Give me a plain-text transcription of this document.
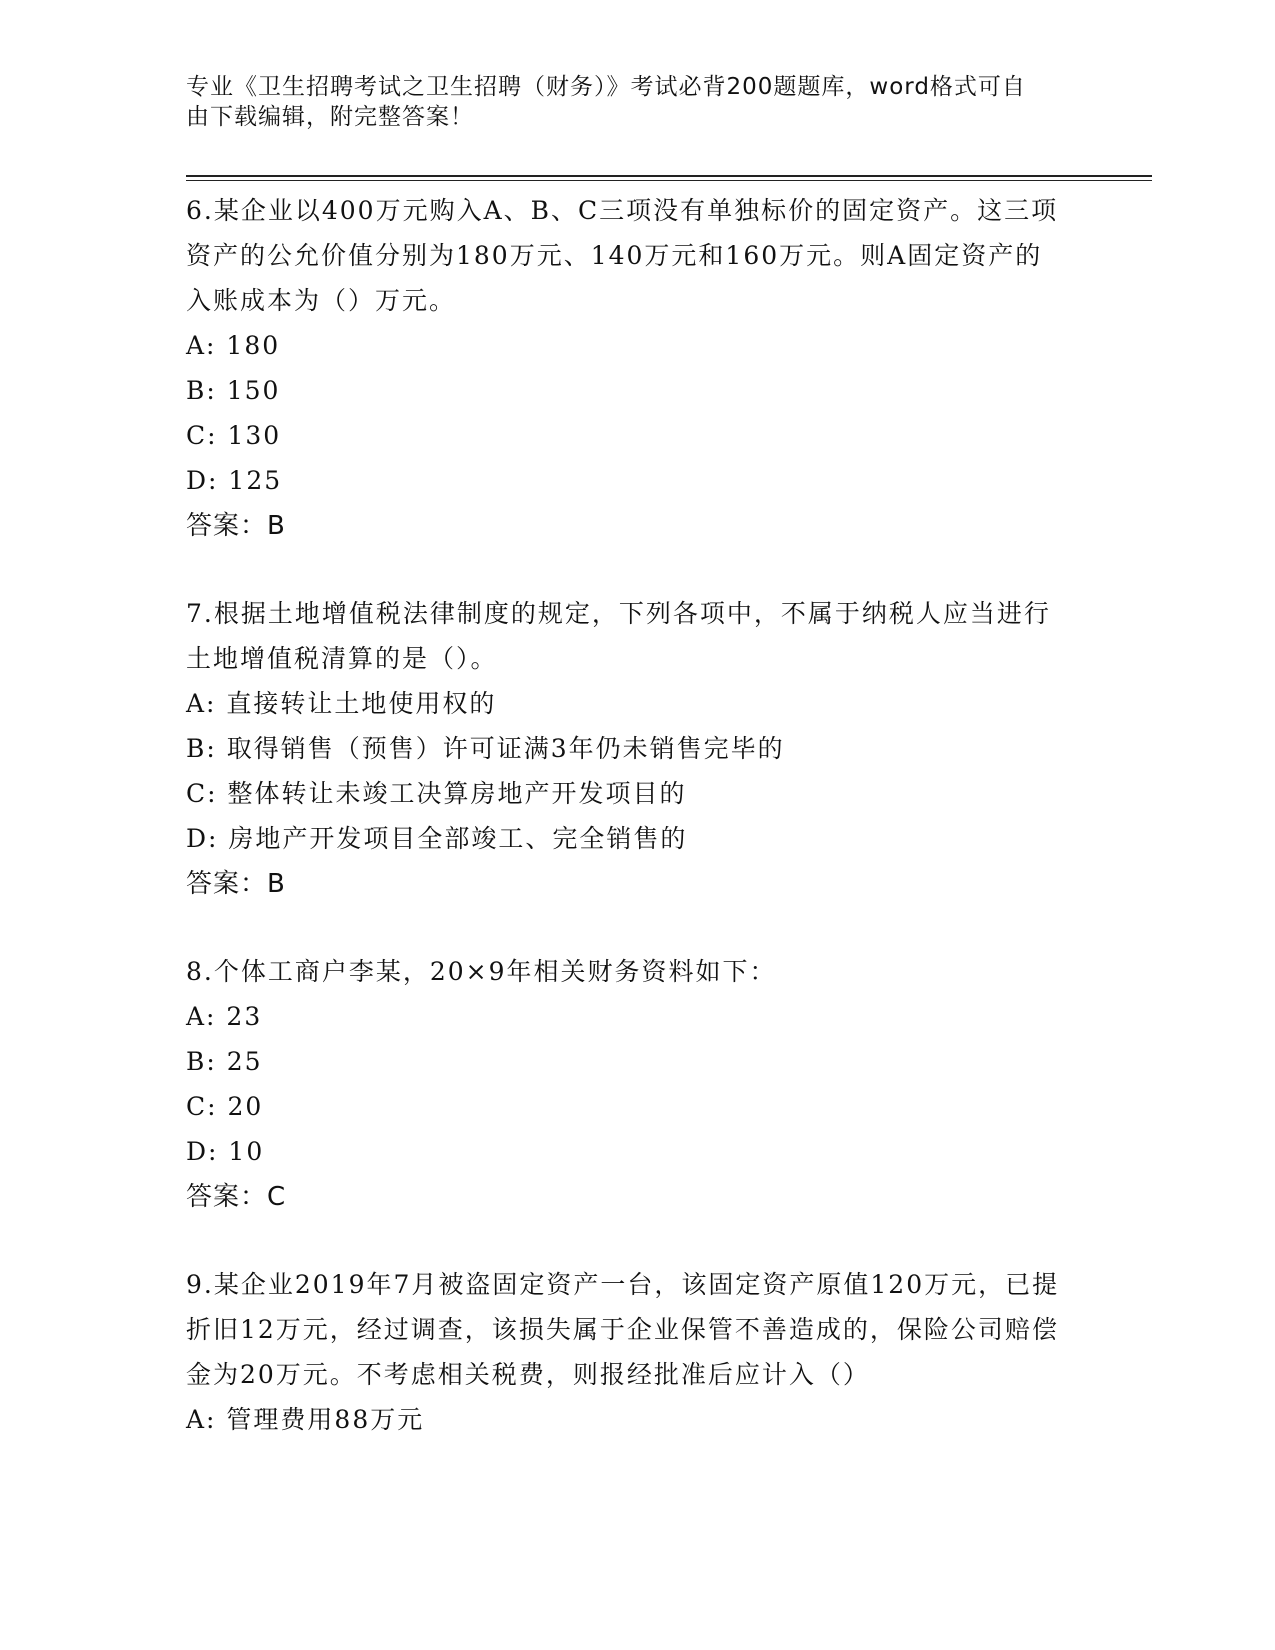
专业《卫生招聘考试之卫生招聘（财务）》考试必背200题题库，word格式可自由下载编辑，附完整答案！
6.某企业以400万元购入A、B、C三项没有单独标价的固定资产。这三项资产的公允价值分别为180万元、140万元和160万元。则A固定资产的入账成本为（）万元。
A: 180
B: 150
C: 130
D: 125
答案：B
7.根据土地增值税法律制度的规定，下列各项中，不属于纳税人应当进行土地增值税清算的是（）。
A: 直接转让土地使用权的
B: 取得销售（预售）许可证满3年仍未销售完毕的
C: 整体转让未竣工决算房地产开发项目的
D: 房地产开发项目全部竣工、完全销售的
答案：B
8.个体工商户李某，20×9年相关财务资料如下：
A: 23
B: 25
C: 20
D: 10
答案：C
9.某企业2019年7月被盗固定资产一台，该固定资产原值120万元，已提折旧12万元，经过调查，该损失属于企业保管不善造成的，保险公司赔偿金为20万元。不考虑相关税费，则报经批准后应计入（）
A: 管理费用88万元
